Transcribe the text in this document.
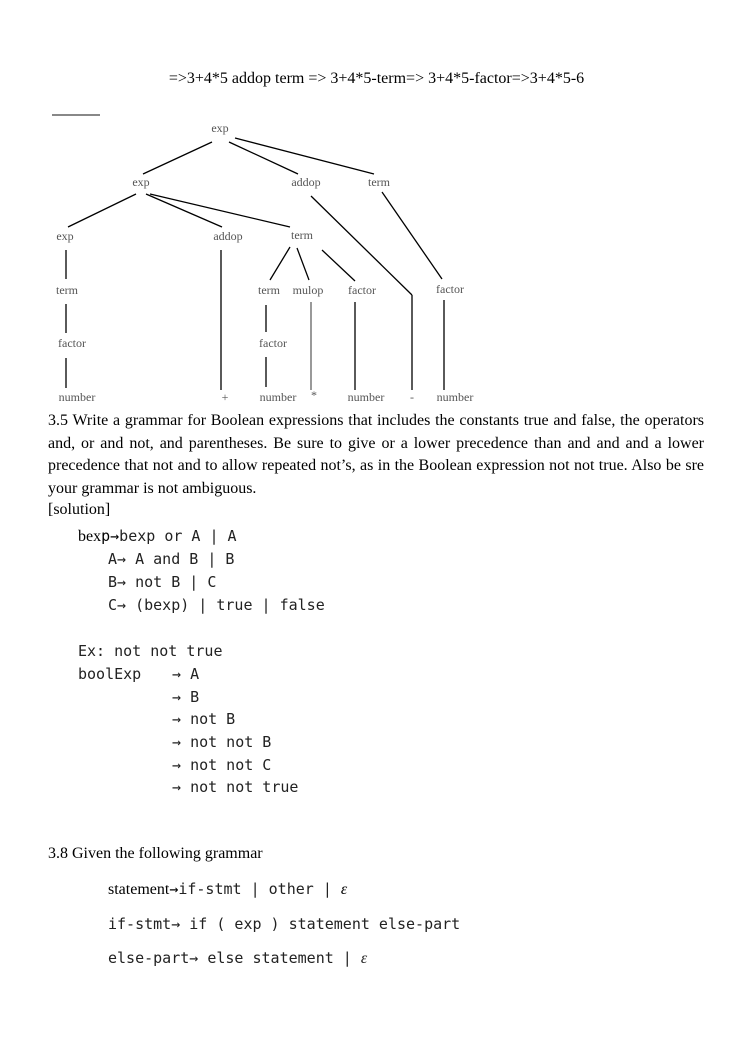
=>3+4*5 addop term => 3+4*5-term=> 3+4*5-factor=>3+4*5-6
exp
exp	addop	term
exp	addop	term
term	term mulop factor	factor
factor	factor
number	+	number *	number - number
3.5 Write a grammar for Boolean expressions that includes the constants true and false, the operators and, or and not, and parentheses. Be sure to give or a lower precedence than and and and a lower precedence that not and to allow repeated not’s, as in the Boolean expression not not true. Also be sre your grammar is not ambiguous.
[solution]
bexp→bexp or A | A
A→ A and B | B
B→ not B | C
C→ (bexp) | true | false
Ex: not not true
boolExp → A
→ B
→ not B
→ not not B
→ not not C
→ not not true
3.8 Given the following grammar
statement→if-stmt | other | ε
if-stmt→ if ( exp ) statement else-part
else-part→ else statement | ε
